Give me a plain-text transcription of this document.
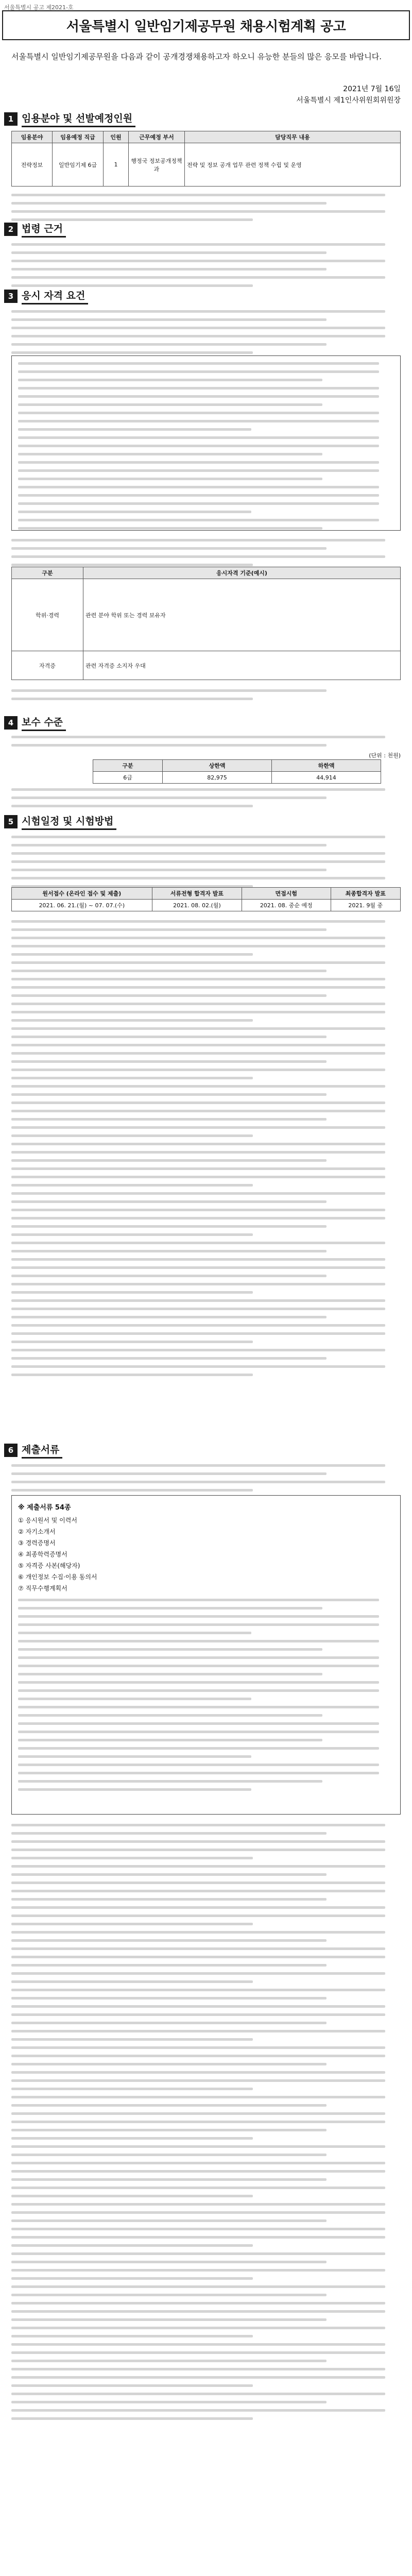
서울특별시 공고 제2021-호
서울특별시 일반임기제공무원 채용시험계획 공고
서울특별시 일반임기제공무원을 다음과 같이 공개경쟁채용하고자 하오니 유능한 분들의 많은 응모를 바랍니다.
2021년 7월 16일
서울특별시 제1인사위원회위원장
1 임용분야 및 선발예정인원
임용분야	임용예정 직급	인원	근무예정 부서	담당직무 내용
전략정보	일반임기제 6급	1	행정국 정보공개정책과	전략 및 정보 공개 업무 관련 정책 수립 및 운영
2 법령 근거
3 응시 자격 요건
구분	응시자격 기준(예시)
학위·경력	관련 분야 학위 또는 경력 보유자
자격증	관련 자격증 소지자 우대
4 보수 수준
(단위 : 천원)
구분	상한액	하한액
6급	82,975	44,914
5 시험일정 및 시험방법
원서접수 (온라인 접수 및 제출)	서류전형 합격자 발표	면접시험	최종합격자 발표
2021. 06. 21.(월) ~ 07. 07.(수)	2021. 08. 02.(월)	2021. 08. 중순 예정	2021. 9월 중
6 제출서류
※ 제출서류 54종
① 응시원서 및 이력서
② 자기소개서
③ 경력증명서
④ 최종학력증명서
⑤ 자격증 사본(해당자)
⑥ 개인정보 수집·이용 동의서
⑦ 직무수행계획서
